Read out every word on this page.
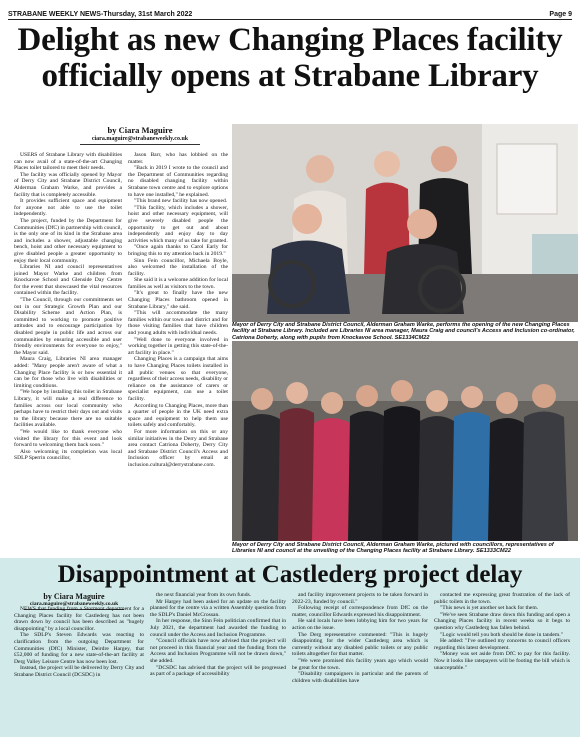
STRABANE WEEKLY NEWS-Thursday, 31st March 2022	Page 9
Delight as new Changing Places facility officially opens at Strabane Library
by Ciara Maguire
ciara.maguire@strabaneweekly.co.uk

USERS of Strabane Library with disabilities can now avail of a state-of-the-art Changing Places toilet tailored to meet their needs.

The facility was officially opened by Mayor of Derry City and Strabane District Council, Alderman Graham Warke, and provides a facility that is completely accessible.

It provides sufficient space and equipment for anyone not able to use the toilet independently.

The project, funded by the Department for Communities (DfC) in partnership with council, is the only one of its kind in the Strabane area and includes a shower, adjustable changing bench, hoist and other necessary equipment to give disabled people a greater opportunity to enjoy their local community.

Libraries NI and council representatives joined Mayor Warke and children from Knockavoe School and Glenside Day Centre for the event that showcased the vital resources contained within the facility.

"The Council, through our commitments set out in our Strategic Growth Plan and our Disability Scheme and Action Plan, is committed to working to promote positive attitudes and to encourage participation by disabled people in public life and across our communities by ensuring accessible and user friendly environments for everyone to enjoy," the Mayor said.

Maura Craig, Libraries NI area manager added: "Many people aren't aware of what a Changing Place facility is or how essential it can be for those who live with disabilities or limiting conditions.

"We hope by installing this toilet in Strabane Library, it will make a real difference to families across our local community who perhaps have to restrict their days out and visits to the library because there are no suitable facilities available.

"We would like to thank everyone who visited the library for this event and look forward to welcoming them back soon."

Also welcoming its completion was local SDLP Sperrin councillor,

Jason Barr, who has lobbied on the matter.

"Back in 2019 I wrote to the council and the Department of Communities regarding no disabled changing facility within Strabane town centre and to explore options to have one installed," he explained.

"This brand new facility has now opened.

"This facility, which includes a shower, hoist and other necessary equipment, will give severely disabled people the opportunity to get out and about independently and enjoy day to day activities which many of us take for granted.

"Once again thanks to Carol Early for bringing this to my attention back in 2019."

Sinn Fein councillor, Michaela Boyle, also welcomed the installation of the facility.

She said it is a welcome addition for local families as well as visitors to the town.

"It's great to finally have the new Changing Places bathroom opened in Strabane Library," she said.

"This will accommodate the many families within our town and district and for those visiting families that have children and young adults with individual needs.

"Well done to everyone involved in working together in getting this state-of-the-art facility in place."

Changing Places is a campaign that aims to have Changing Places toilets installed in all public venues so that everyone, regardless of their access needs, disability or reliance on the assistance of carers or specialist equipment, can use a toilet facility.

According to Changing Places, more than a quarter of people in the UK need extra space and equipment to help them use toilets safely and comfortably.

For more information on this or any similar initiatives in the Derry and Strabane area contact Catriona Doherty, Derry City and Strabane District Council's Access and Inclusion officer by email at inclusion.cultural@derrystrabane.com.

Mayor of Derry City and Strabane District Council, Alderman Graham Warke, performs the opening of the new Changing Places facility at Strabane Library. Included are Libraries NI area manager, Maura Craig and council's Access and Inclusion co-ordinator, Catriona Doherty, along with pupils from Knockavoe School. SE1334CM22
Mayor of Derry City and Strabane District Council, Alderman Graham Warke, pictured with councillors, representatives of Libraries NI and council at the unveiling of the Changing Places facility at Strabane Library. SE1333CM22
Disappointment at Castlederg project delay
by Ciara Maguire
ciara.maguire@strabaneweekly.co.uk

NEWS that funding from a Stormont department for a Changing Places facility for Castlederg has not been drawn down by council has been described as "hugely disappointing" by a local councillor.

The SDLP's Steven Edwards was reacting to clarification from the outgoing Department for Communities (DfC) Minister, Deirdre Hargey, that £52,000 of funding for a new state-of-the-art facility at Derg Valley Leisure Centre has now been lost.

Instead, the project will be delivered by Derry City and Strabane District Council (DCSDC) in

the next financial year from its own funds.

Mr Hargey had been asked for an update on the facility planned for the centre via a written Assembly question from the SDLP's Daniel McCrossan.

In her response, the Sinn Fein politician confirmed that in July 2021, the department had awarded the funding to council under the Access and Inclusion Programme.

"Council officials have now advised that the project will not proceed in this financial year and the funding from the Access and Inclusion Programme will not be drawn down," she added.

"DCSDC has advised that the project will be progressed as part of a package of accessibility

and facility improvement projects to be taken forward in 2022-23, funded by council."

Following receipt of correspondence from DfC on the matter, councillor Edwards expressed his disappointment.

He said locals have been lobbying him for two years for action on the issue.

The Derg representative commented: "This is hugely disappointing for the wider Castlederg area which is currently without any disabled public toilets or any public toilets altogether for that matter.

"We were promised this facility years ago which would be great for the town.

"Disability campaigners in particular and the parents of children with disabilities have

contacted me expressing great frustration of the lack of public toilets in the town.

"This news is yet another set back for them.

"We've seen Strabane draw down this funding and open a Changing Places facility in recent weeks so it begs to question why Castlederg has fallen behind.

"Logic would tell you both should be done in tandem."

He added: "I've outlined my concerns to council officers regarding this latest development.

"Money was set aside from DfC to pay for this facility. Now it looks like ratepayers will be footing the bill which is unacceptable."
